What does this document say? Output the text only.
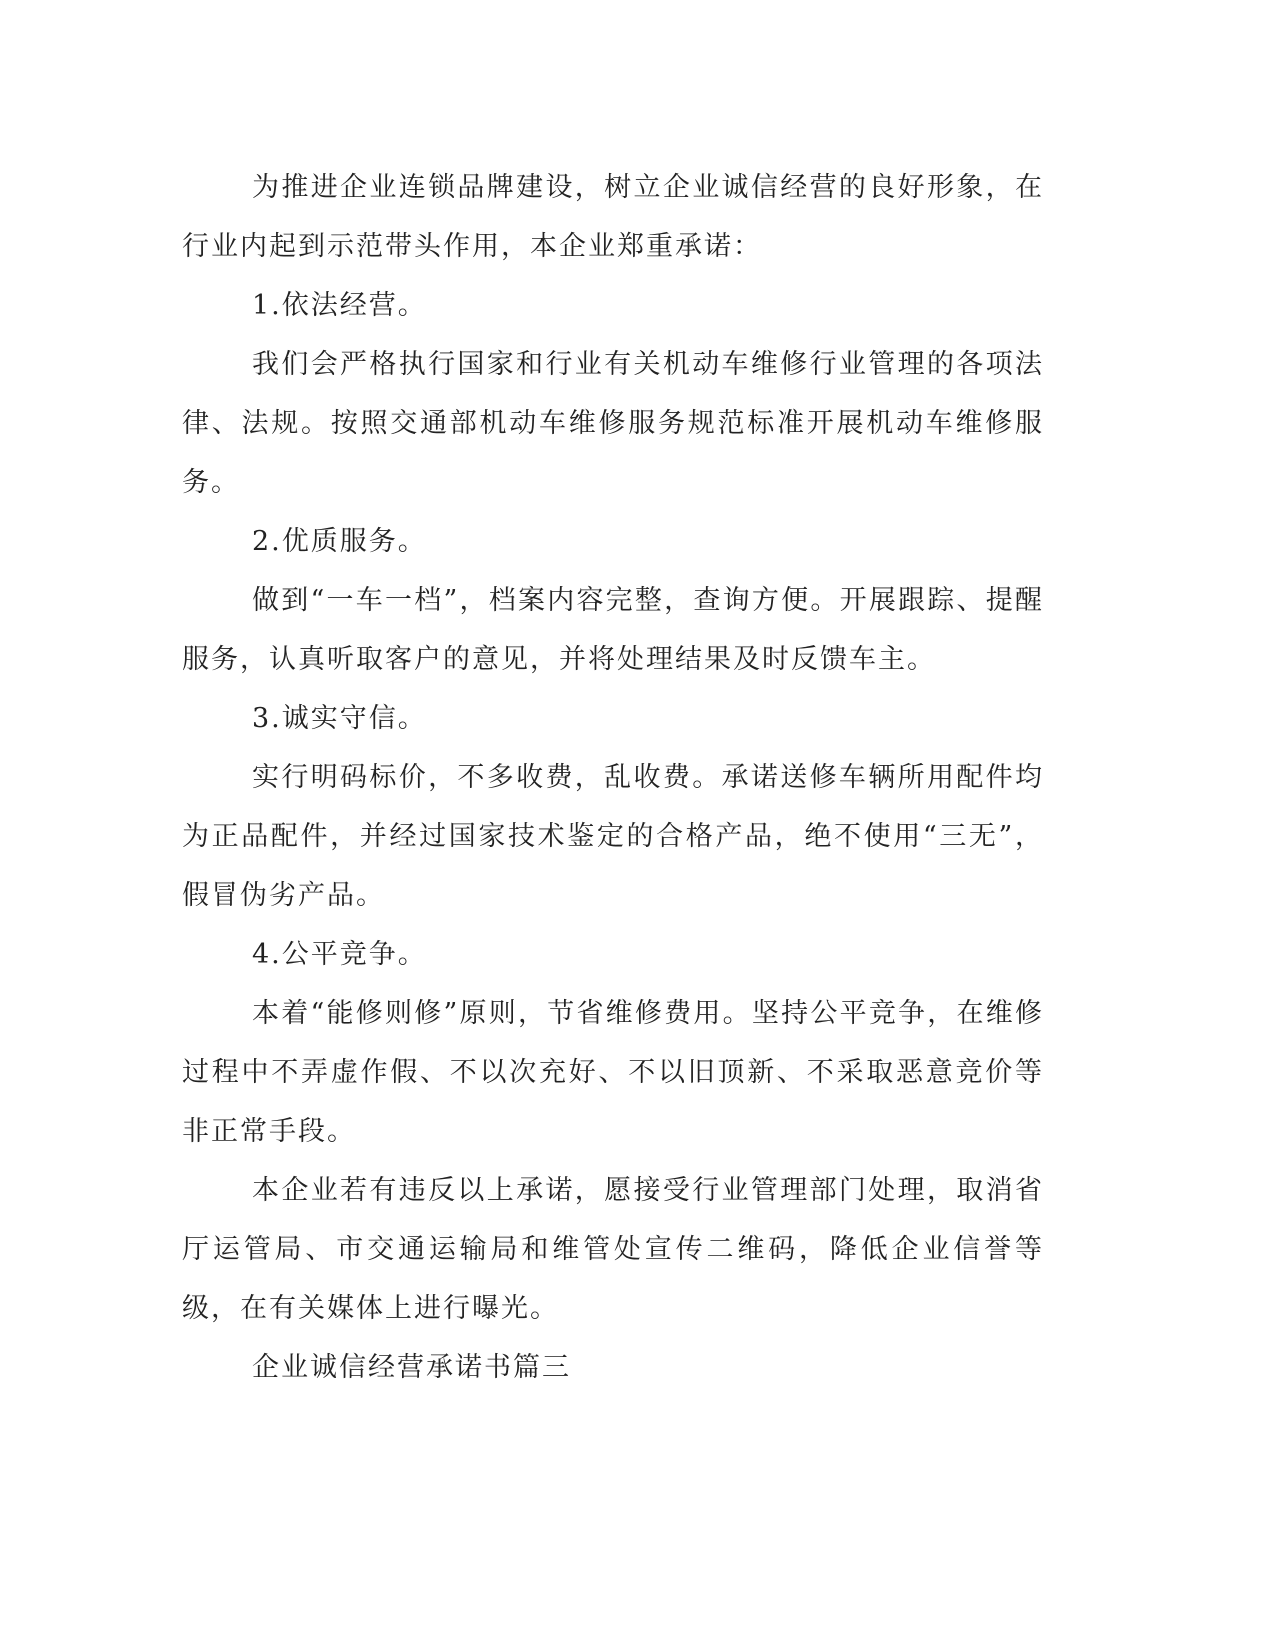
为推进企业连锁品牌建设，树立企业诚信经营的良好形象，在行业内起到示范带头作用，本企业郑重承诺：

1.依法经营。

我们会严格执行国家和行业有关机动车维修行业管理的各项法律、法规。按照交通部机动车维修服务规范标准开展机动车维修服务。

2.优质服务。

做到“一车一档”，档案内容完整，查询方便。开展跟踪、提醒服务，认真听取客户的意见，并将处理结果及时反馈车主。

3.诚实守信。

实行明码标价，不多收费，乱收费。承诺送修车辆所用配件均为正品配件，并经过国家技术鉴定的合格产品，绝不使用“三无”，假冒伪劣产品。

4.公平竞争。

本着“能修则修”原则，节省维修费用。坚持公平竞争，在维修过程中不弄虚作假、不以次充好、不以旧顶新、不采取恶意竞价等非正常手段。

本企业若有违反以上承诺，愿接受行业管理部门处理，取消省厅运管局、市交通运输局和维管处宣传二维码，降低企业信誉等级，在有关媒体上进行曝光。

企业诚信经营承诺书篇三
